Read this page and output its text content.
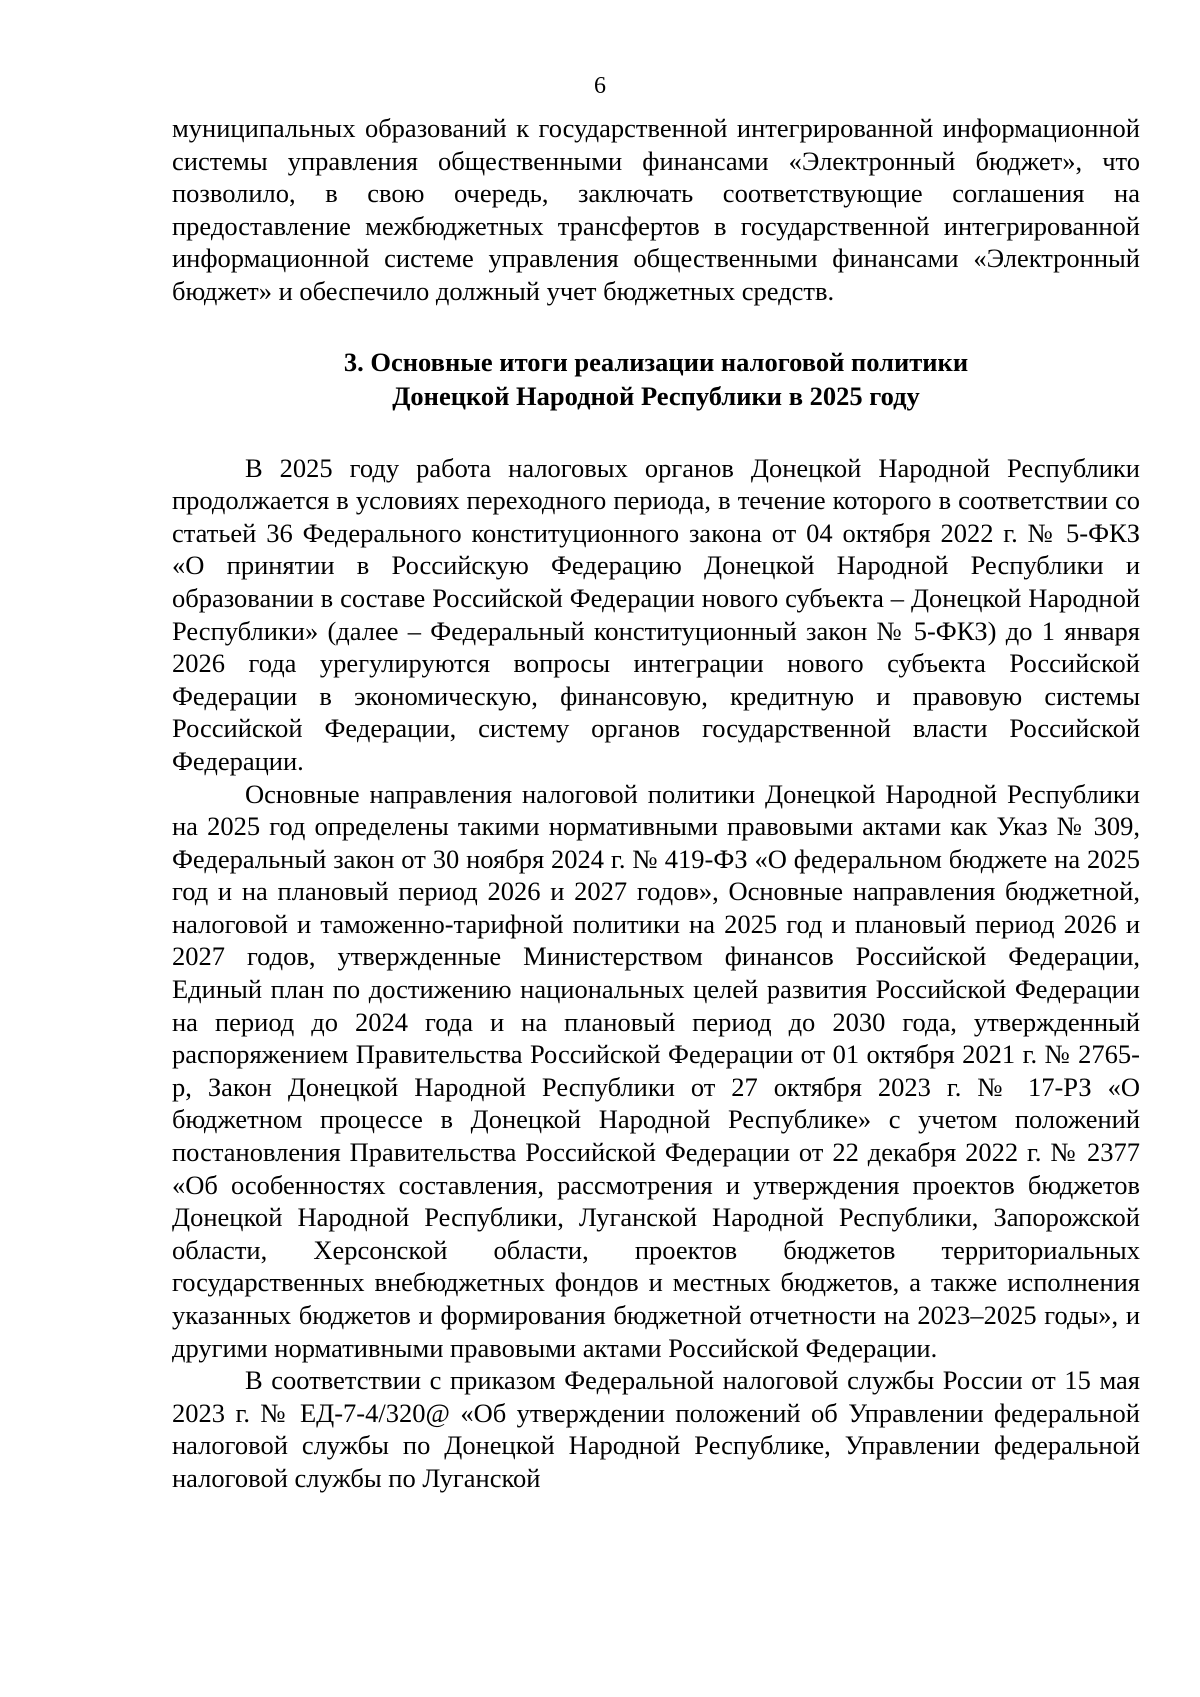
6

муниципальных образований к государственной интегрированной информационной системы управления общественными финансами «Электронный бюджет», что позволило, в свою очередь, заключать соответствующие соглашения на предоставление межбюджетных трансфертов в государственной интегрированной информационной системе управления общественными финансами «Электронный бюджет» и обеспечило должный учет бюджетных средств.

3. Основные итоги реализации налоговой политики
Донецкой Народной Республики в 2025 году

В 2025 году работа налоговых органов Донецкой Народной Республики продолжается в условиях переходного периода, в течение которого в соответствии со статьей 36 Федерального конституционного закона от 04 октября 2022 г. № 5-ФКЗ «О принятии в Российскую Федерацию Донецкой Народной Республики и образовании в составе Российской Федерации нового субъекта – Донецкой Народной Республики» (далее – Федеральный конституционный закон № 5-ФКЗ) до 1 января 2026 года урегулируются вопросы интеграции нового субъекта Российской Федерации в экономическую, финансовую, кредитную и правовую системы Российской Федерации, систему органов государственной власти Российской Федерации.

Основные направления налоговой политики Донецкой Народной Республики на 2025 год определены такими нормативными правовыми актами как Указ № 309, Федеральный закон от 30 ноября 2024 г. № 419-ФЗ «О федеральном бюджете на 2025 год и на плановый период 2026 и 2027 годов», Основные направления бюджетной, налоговой и таможенно-тарифной политики на 2025 год и плановый период 2026 и 2027 годов, утвержденные Министерством финансов Российской Федерации, Единый план по достижению национальных целей развития Российской Федерации на период до 2024 года и на плановый период до 2030 года, утвержденный распоряжением Правительства Российской Федерации от 01 октября 2021 г. № 2765-р, Закон Донецкой Народной Республики от 27 октября 2023 г. № 17-РЗ «О бюджетном процессе в Донецкой Народной Республике» с учетом положений постановления Правительства Российской Федерации от 22 декабря 2022 г. № 2377 «Об особенностях составления, рассмотрения и утверждения проектов бюджетов Донецкой Народной Республики, Луганской Народной Республики, Запорожской области, Херсонской области, проектов бюджетов территориальных государственных внебюджетных фондов и местных бюджетов, а также исполнения указанных бюджетов и формирования бюджетной отчетности на 2023–2025 годы», и другими нормативными правовыми актами Российской Федерации.

В соответствии с приказом Федеральной налоговой службы России от 15 мая 2023 г. № ЕД-7-4/320@ «Об утверждении положений об Управлении федеральной налоговой службы по Донецкой Народной Республике, Управлении федеральной налоговой службы по Луганской
